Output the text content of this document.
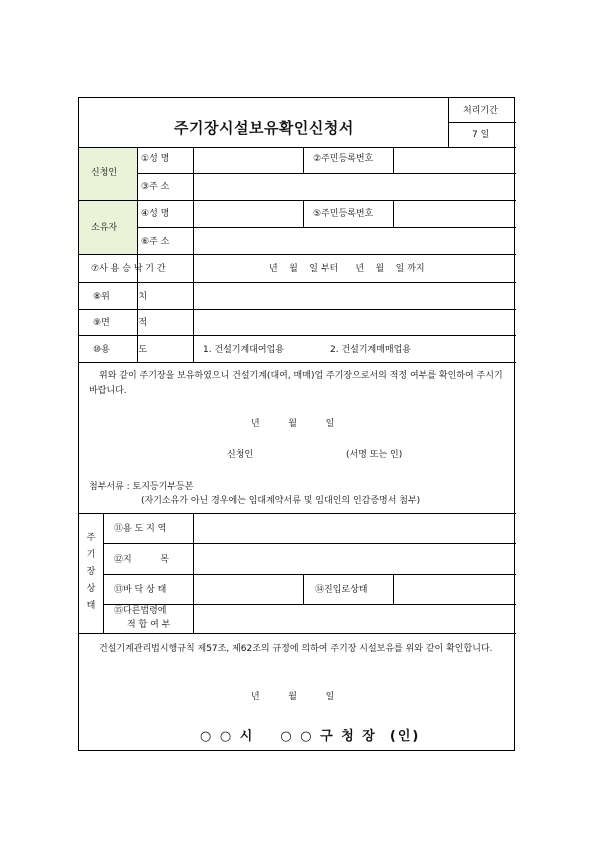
주기장시설보유확인신청서
처리기간
7 일
신청인
①성 명	②주민등록번호
③주 소
소유자
④성 명	⑤주민등록번호
⑥주 소
⑦사 용 승 낙 기 간	년    월    일 부터      년    월    일 까지
⑧위          치
⑨면          적
⑩용          도	1. 건설기계대여업용	2. 건설기계매매업용
위와 같이 주기장을 보유하였으니 건설기계(대여, 매매)업 주기장으로서의 적정 여부를 확인하여 주시기 바랍니다.
년          월          일
신청인	(서명 또는 인)
첨부서류 : 토지등기부등본
(자기소유가 아닌 경우에는 임대계약서류 및 임대인의 인감증명서 첨부)
주
기
장
상
태
⑪용 도 지 역
⑫지          목
⑬바 닥 상 태	⑭진입로상태
⑮다른법령에
적 합 여 부
건설기계관리법시행규칙 제57조, 제62조의 규정에 의하여 주기장 시설보유를 위와 같이 확인합니다.
년          월          일
○ ○ 시    ○ ○ 구 청 장  (인)
